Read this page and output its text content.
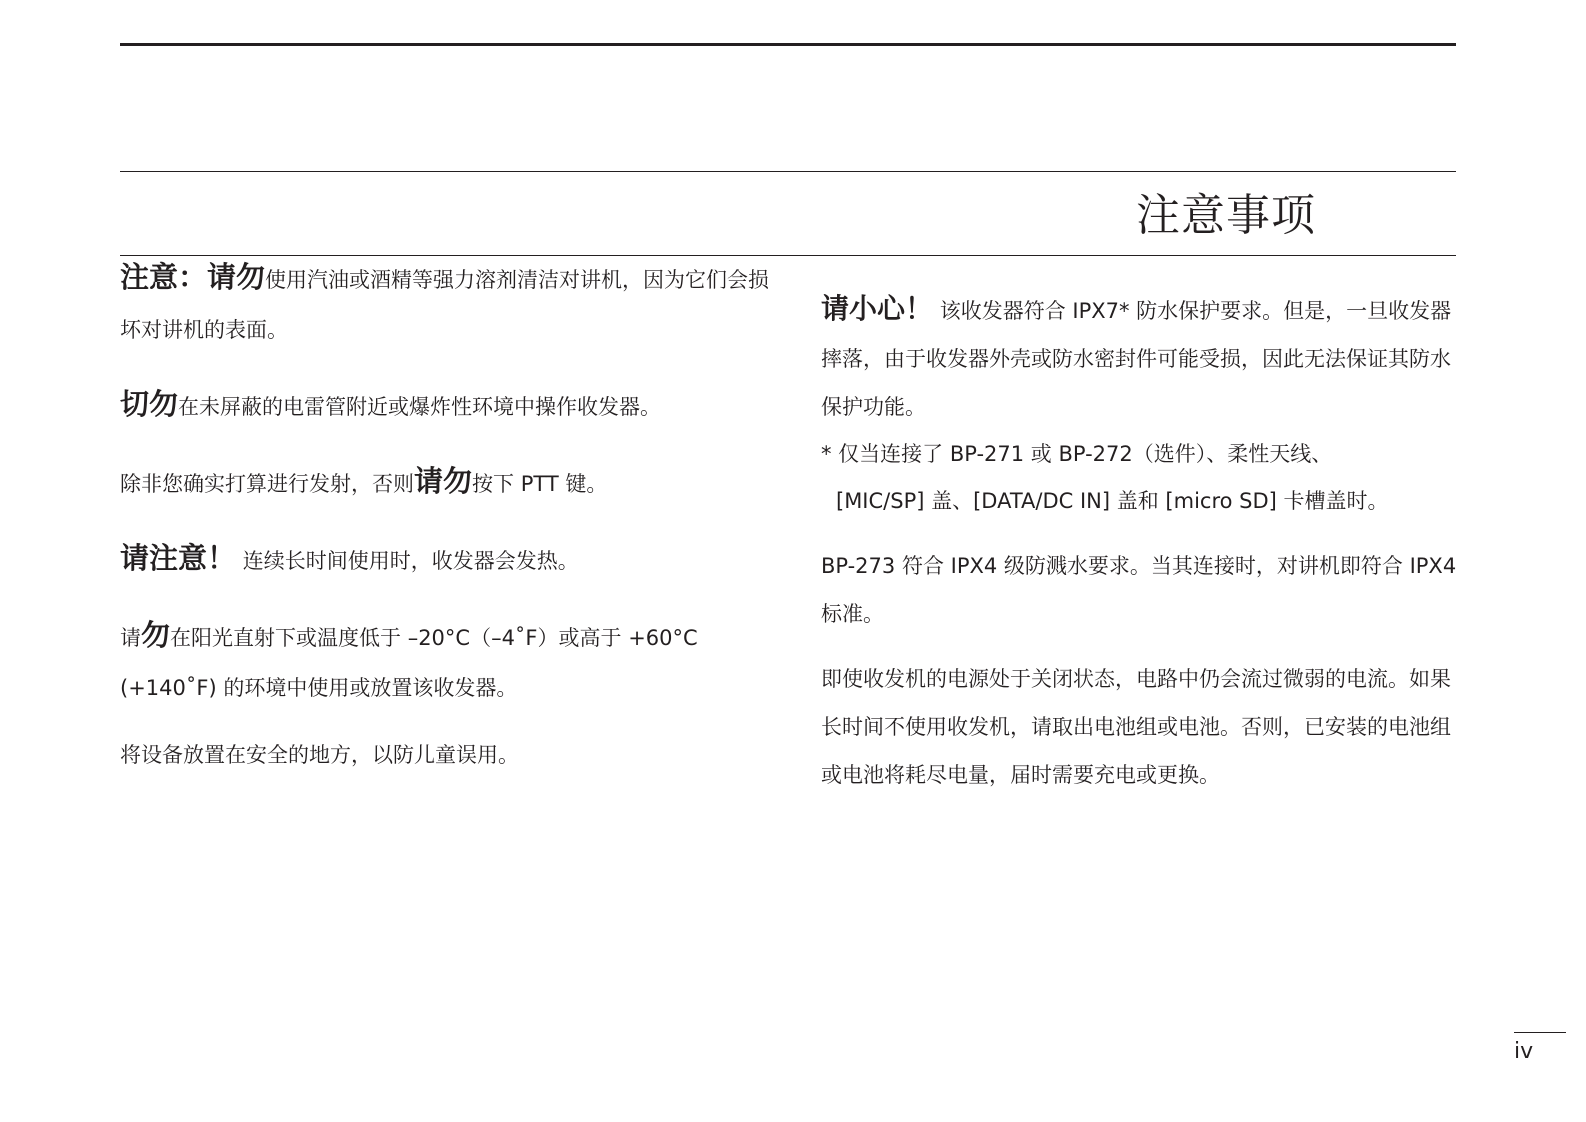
注意事项

注意：请勿使用汽油或酒精等强力溶剂清洁对讲机，因为它们会损坏对讲机的表面。

切勿在未屏蔽的电雷管附近或爆炸性环境中操作收发器。

除非您确实打算进行发射，否则请勿按下 PTT 键。

请注意！ 连续长时间使用时，收发器会发热。

请勿在阳光直射下或温度低于 –20°C（–4˚F）或高于 +60°C (+140˚F) 的环境中使用或放置该收发器。

将设备放置在安全的地方，以防儿童误用。

请小心！ 该收发器符合 IPX7* 防水保护要求。但是，一旦收发器摔落，由于收发器外壳或防水密封件可能受损，因此无法保证其防水保护功能。

* 仅当连接了 BP-271 或 BP-272（选件）、柔性天线、
[MIC/SP] 盖、[DATA/DC IN] 盖和 [micro SD] 卡槽盖时。

BP-273 符合 IPX4 级防溅水要求。当其连接时，对讲机即符合 IPX4 标准。

即使收发机的电源处于关闭状态，电路中仍会流过微弱的电流。如果长时间不使用收发机，请取出电池组或电池。否则，已安装的电池组或电池将耗尽电量，届时需要充电或更换。

iv
